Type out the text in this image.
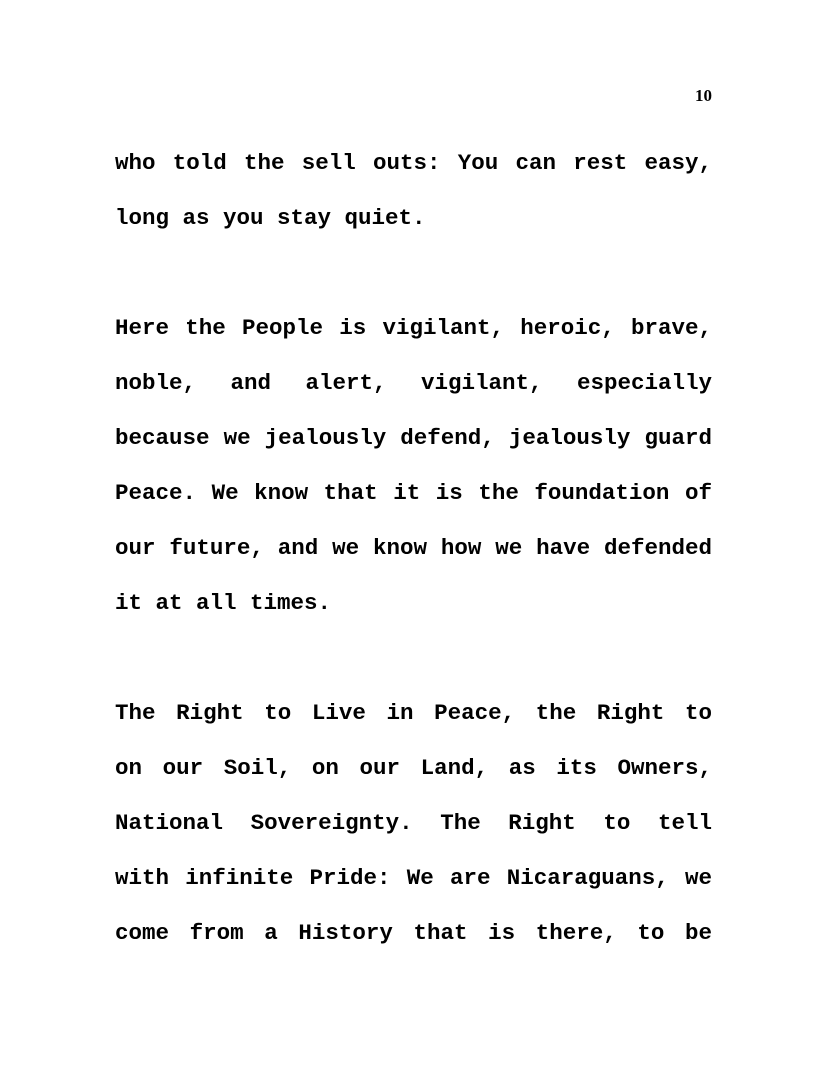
10
who told the sell outs: You can rest easy,
long as you stay quiet.
Here the People is vigilant, heroic, brave,
noble, and alert, vigilant, especially
because we jealously defend, jealously guard
Peace. We know that it is the foundation of
our future, and we know how we have defended
it at all times.
The Right to Live in Peace, the Right to
on our Soil, on our Land, as its Owners,
National Sovereignty. The Right to tell
with infinite Pride: We are Nicaraguans, we
come from a History that is there, to be
